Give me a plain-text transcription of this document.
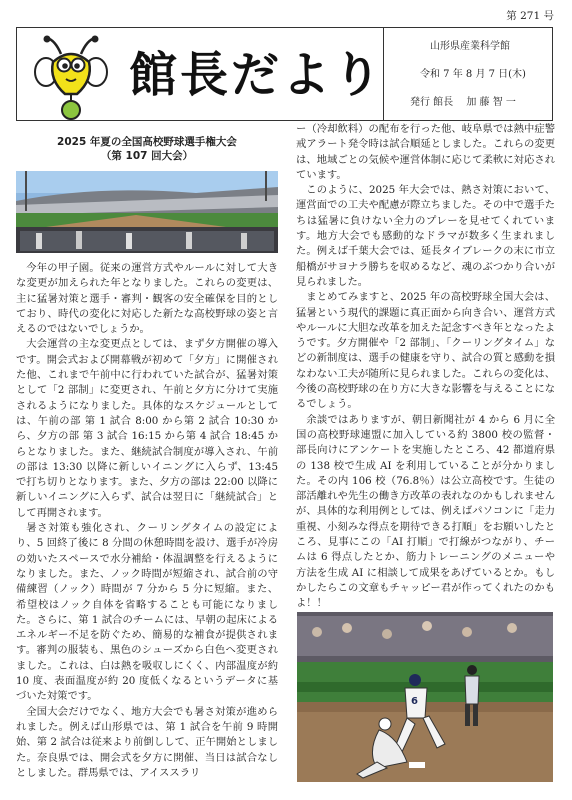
第 271 号
館長だより
山形県産業科学館
令和 7 年 8 月 7 日(木)
発行 館長　 加 藤 智 一
2025 年夏の全国高校野球選手権大会
（第 107 回大会）

今年の甲子園。従来の運営方式やルールに対して大きな変更が加えられた年となりました。これらの変更は、主に猛暑対策と選手・審判・観客の安全確保を目的としており、時代の変化に対応した新たな高校野球の姿と言えるのではないでしょうか。

大会運営の主な変更点としては、まず夕方開催の導入です。開会式および開幕戦が初めて「夕方」に開催された他、これまで午前中に行われていた試合が、猛暑対策として「2 部制」に変更され、午前と夕方に分けて実施されるようになりました。具体的なスケジュールとしては、午前の部 第 1 試合 8:00 から第 2 試合 10:30 から、夕方の部 第 3 試合 16:15 から第 4 試合 18:45 からとなりました。また、継続試合制度が導入され、午前の部は 13:30 以降に新しいイニングに入らず、13:45 で打ち切りとなります。また、夕方の部は 22:00 以降に新しいイニングに入らず、試合は翌日に「継続試合」として再開されます。

暑さ対策も強化され、クーリングタイムの設定により、5 回終了後に 8 分間の休憩時間を設け、選手が冷房の効いたスペースで水分補給・体温調整を行えるようになりました。また、ノック時間が短縮され、試合前の守備練習（ノック）時間が 7 分から 5 分に短縮。また、希望校はノック自体を省略することも可能になりました。さらに、第 1 試合のチームには、早朝の起床によるエネルギー不足を防ぐため、簡易的な補食が提供されます。審判の服装も、黒色のシューズから白色へ変更されました。これは、白は熱を吸収しにくく、内部温度が約 10 度、表面温度が約 20 度低くなるというデータに基づいた対策です。

全国大会だけでなく、地方大会でも暑さ対策が進められました。例えば山形県では、第 1 試合を午前 9 時開始、第 2 試合は従来より前倒しして、正午開始としました。奈良県では、開会式を夕方に開催、当日は試合なしとしました。群馬県では、アイススラリ

ー（冷却飲料）の配布を行った他、岐阜県では熱中症警戒アラート発令時は試合順延としました。これらの変更は、地域ごとの気候や運営体制に応じて柔軟に対応されています。

このように、2025 年大会では、熱さ対策において、運営面での工夫や配慮が際立ちました。その中で選手たちは猛暑に負けない全力のプレーを見せてくれています。地方大会でも感動的なドラマが数多く生まれました。例えば千葉大会では、延長タイブレークの末に市立船橋がサヨナラ勝ちを収めるなど、魂のぶつかり合いが見られました。

まとめてみますと、2025 年の高校野球全国大会は、猛暑という現代的課題に真正面から向き合い、運営方式やルールに大胆な改革を加えた記念すべき年となったようです。夕方開催や「2 部制」、「クーリングタイム」などの新制度は、選手の健康を守り、試合の質と感動を損なわない工夫が随所に見られました。これらの変化は、今後の高校野球の在り方に大きな影響を与えることになるでしょう。

余談ではありますが、朝日新聞社が 4 から 6 月に全国の高校野球連盟に加入している約 3800 校の監督・部長向けにアンケートを実施したところ、42 都道府県の 138 校で生成 AI を利用していることが分かりました。その内 106 校（76.8％）は公立高校です。生徒の部活離れや先生の働き方改革の表れなのかもしれませんが、具体的な利用例としては、例えばパソコンに「走力重視、小刻みな得点を期待できる打順」をお願いしたところ、見事にこの「AI 打順」で打線がつながり、チームは 6 得点したとか、筋力トレーニングのメニューや方法を生成 AI に相談して成果をあげているとか。もしかしたらこの文章もチャッピー君が作ってくれたのかもよ！！

6
